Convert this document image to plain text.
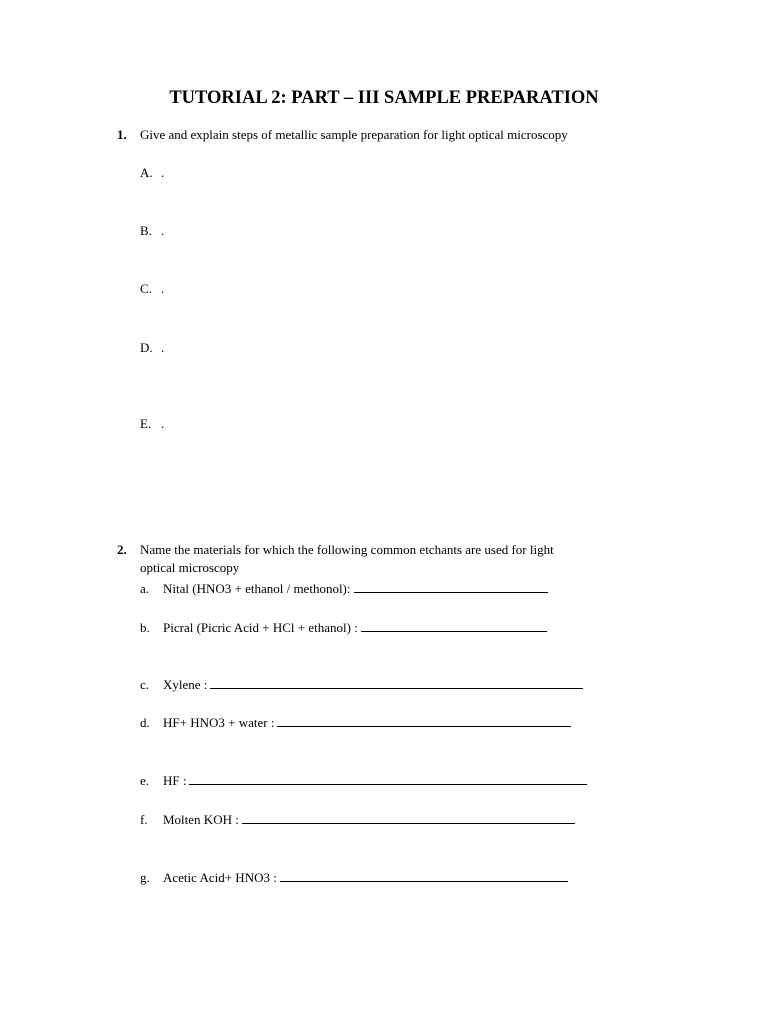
TUTORIAL 2: PART – III SAMPLE PREPARATION
1. Give and explain steps of metallic sample preparation for light optical microscopy
A. .
B. .
C. .
D. .
E. .
2. Name the materials for which the following common etchants are used for light
optical microscopy
a. Nital (HNO3 + ethanol / methonol):
b. Picral (Picric Acid + HCl + ethanol) :
c. Xylene :
d. HF+ HNO3 + water :
e. HF :
f. Molten KOH :
g. Acetic Acid+ HNO3 :
